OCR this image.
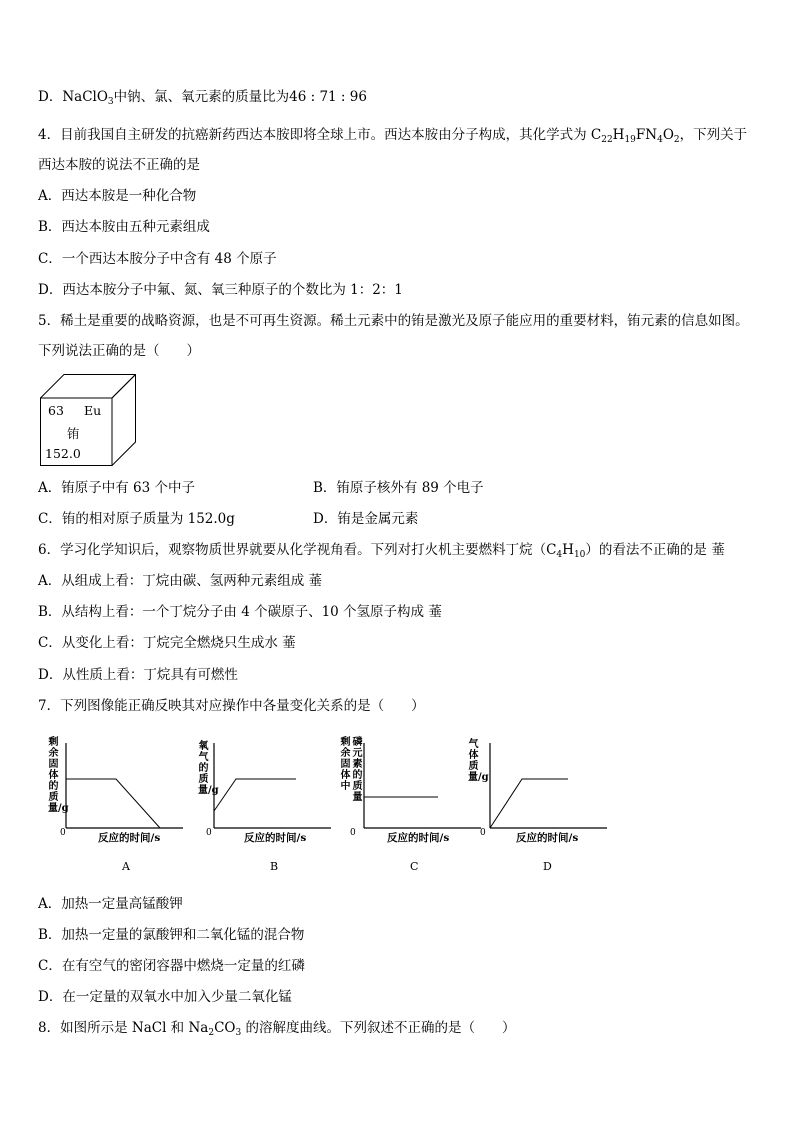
D．NaClO$_3$中钠、氯、氧元素的质量比为46 : 71 : 96
4．目前我国自主研发的抗癌新药西达本胺即将全球上市。西达本胺由分子构成，其化学式为 $C_{22}H_{19}FN_4O_2$，下列关于
西达本胺的说法不正确的是
A．西达本胺是一种化合物
B．西达本胺由五种元素组成
C．一个西达本胺分子中含有 48 个原子
D．西达本胺分子中氟、氮、氧三种原子的个数比为 1：2：1
5．稀土是重要的战略资源，也是不可再生资源。稀土元素中的铕是激光及原子能应用的重要材料，铕元素的信息如图。
下列说法正确的是（　　）
63 Eu
铕
152.0
A．铕原子中有 63 个中子	B．铕原子核外有 89 个电子
C．铕的相对原子质量为 152.0g	D．铕是金属元素
6．学习化学知识后，观察物质世界就要从化学视角看。下列对打火机主要燃料丁烷$(C_4H_{10})$的看法不正确的是 菙
A．从组成上看：丁烷由碳、氢两种元素组成 菙
B．从结构上看：一个丁烷分子由 4 个碳原子、10 个氢原子构成 菙
C．从变化上看：丁烷完全燃烧只生成水 菙
D．从性质上看：丁烷具有可燃性
7．下列图像能正确反映其对应操作中各量变化关系的是（　　）
剩余固体的质量/g
0	反应的时间/s
A
氧气的质量/g
0	反应的时间/s
B
剩余固体中
磷元素的质量
0	反应的时间/s
C
气体质量/g
0	反应的时间/s
D
A．加热一定量高锰酸钾
B．加热一定量的氯酸钾和二氧化锰的混合物
C．在有空气的密闭容器中燃烧一定量的红磷
D．在一定量的双氧水中加入少量二氧化锰
8．如图所示是 NaCl 和 $Na_2CO_3$ 的溶解度曲线。下列叙述不正确的是（　　）
